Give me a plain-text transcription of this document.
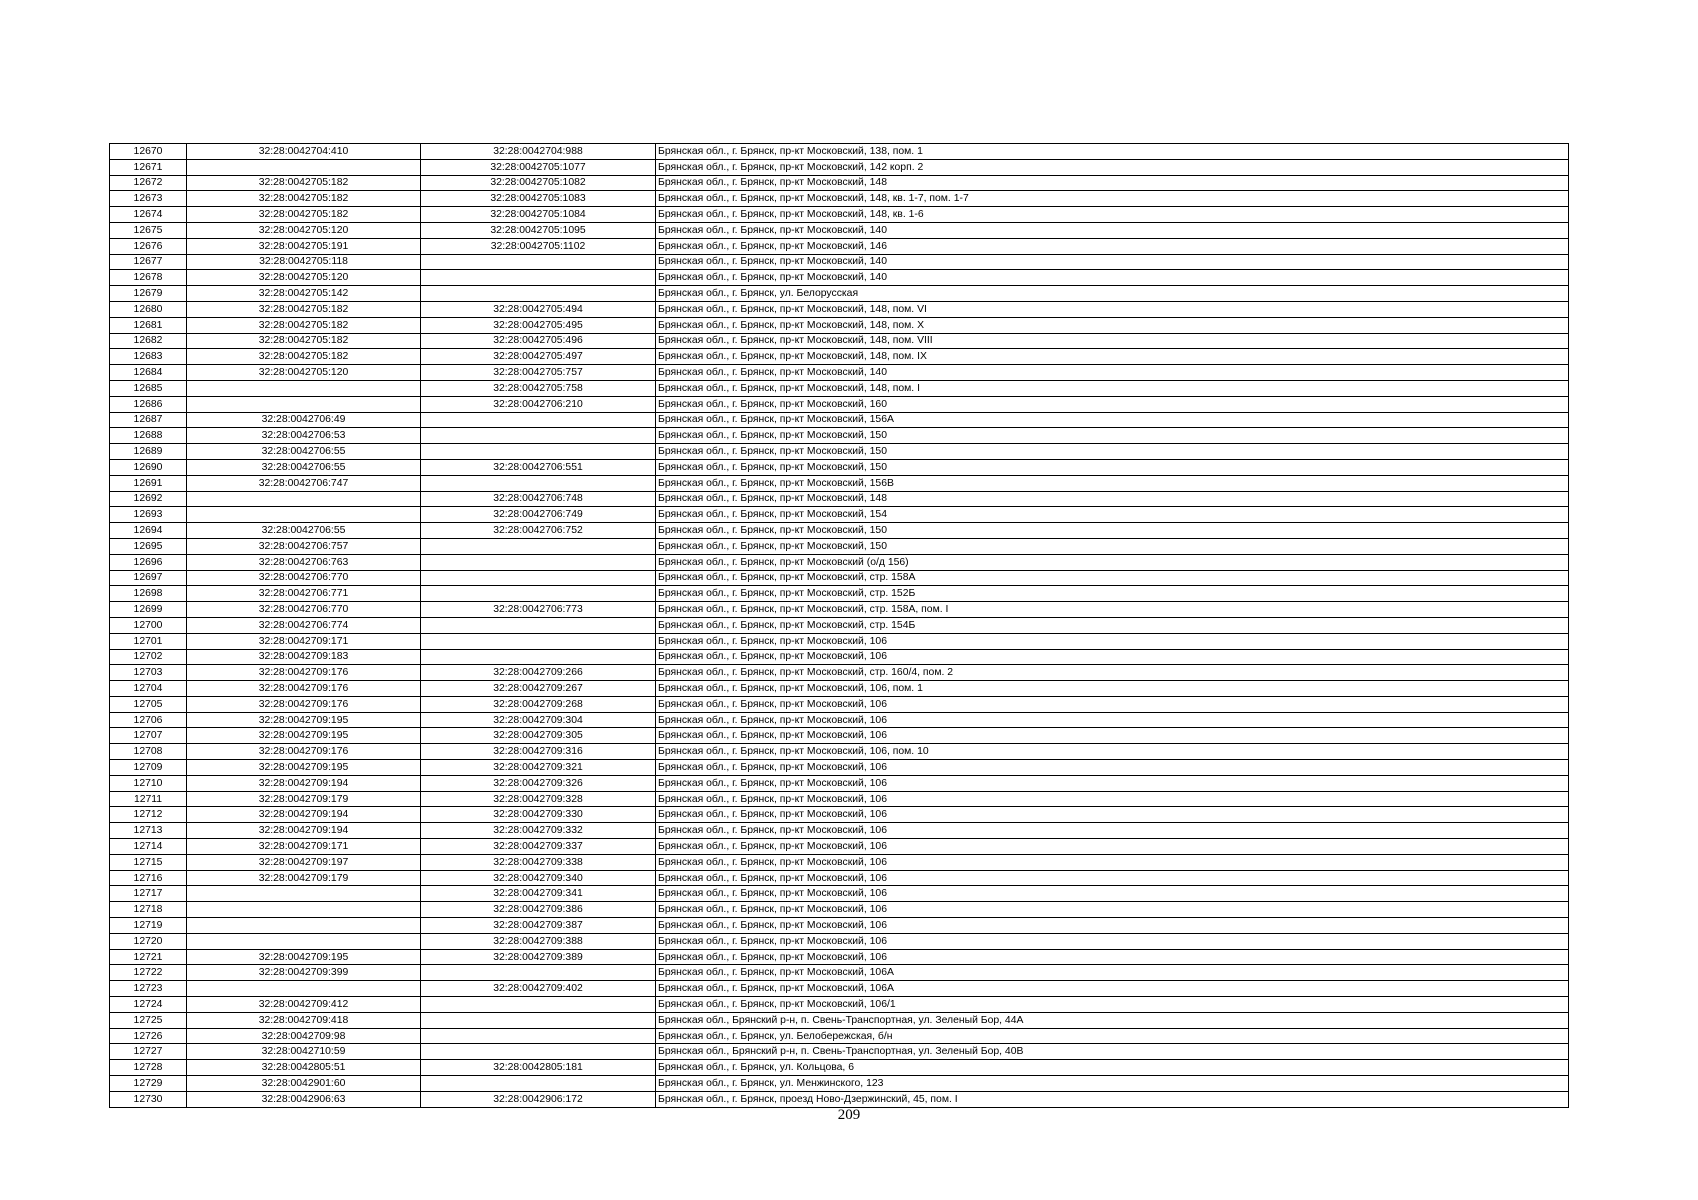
12670	32:28:0042704:410	32:28:0042704:988	Брянская обл., г. Брянск, пр-кт Московский, 138, пом. 1
12671		32:28:0042705:1077	Брянская обл., г. Брянск, пр-кт Московский, 142 корп. 2
12672	32:28:0042705:182	32:28:0042705:1082	Брянская обл., г. Брянск, пр-кт Московский, 148
12673	32:28:0042705:182	32:28:0042705:1083	Брянская обл., г. Брянск, пр-кт Московский, 148, кв. 1-7, пом. 1-7
12674	32:28:0042705:182	32:28:0042705:1084	Брянская обл., г. Брянск, пр-кт Московский, 148, кв. 1-6
12675	32:28:0042705:120	32:28:0042705:1095	Брянская обл., г. Брянск, пр-кт Московский, 140
12676	32:28:0042705:191	32:28:0042705:1102	Брянская обл., г. Брянск, пр-кт Московский, 146
12677	32:28:0042705:118		Брянская обл., г. Брянск, пр-кт Московский, 140
12678	32:28:0042705:120		Брянская обл., г. Брянск, пр-кт Московский, 140
12679	32:28:0042705:142		Брянская обл., г. Брянск, ул. Белорусская
12680	32:28:0042705:182	32:28:0042705:494	Брянская обл., г. Брянск, пр-кт Московский, 148, пом. VI
12681	32:28:0042705:182	32:28:0042705:495	Брянская обл., г. Брянск, пр-кт Московский, 148, пом. X
12682	32:28:0042705:182	32:28:0042705:496	Брянская обл., г. Брянск, пр-кт Московский, 148, пом. VIII
12683	32:28:0042705:182	32:28:0042705:497	Брянская обл., г. Брянск, пр-кт Московский, 148, пом. IX
12684	32:28:0042705:120	32:28:0042705:757	Брянская обл., г. Брянск, пр-кт Московский, 140
12685		32:28:0042705:758	Брянская обл., г. Брянск, пр-кт Московский, 148, пом. I
12686		32:28:0042706:210	Брянская обл., г. Брянск, пр-кт Московский, 160
12687	32:28:0042706:49		Брянская обл., г. Брянск, пр-кт Московский, 156А
12688	32:28:0042706:53		Брянская обл., г. Брянск, пр-кт Московский, 150
12689	32:28:0042706:55		Брянская обл., г. Брянск, пр-кт Московский, 150
12690	32:28:0042706:55	32:28:0042706:551	Брянская обл., г. Брянск, пр-кт Московский, 150
12691	32:28:0042706:747		Брянская обл., г. Брянск, пр-кт Московский, 156В
12692		32:28:0042706:748	Брянская обл., г. Брянск, пр-кт Московский, 148
12693		32:28:0042706:749	Брянская обл., г. Брянск, пр-кт Московский, 154
12694	32:28:0042706:55	32:28:0042706:752	Брянская обл., г. Брянск, пр-кт Московский, 150
12695	32:28:0042706:757		Брянская обл., г. Брянск, пр-кт Московский, 150
12696	32:28:0042706:763		Брянская обл., г. Брянск, пр-кт Московский (о/д 156)
12697	32:28:0042706:770		Брянская обл., г. Брянск, пр-кт Московский, стр. 158А
12698	32:28:0042706:771		Брянская обл., г. Брянск, пр-кт Московский, стр. 152Б
12699	32:28:0042706:770	32:28:0042706:773	Брянская обл., г. Брянск, пр-кт Московский, стр. 158А, пом. I
12700	32:28:0042706:774		Брянская обл., г. Брянск, пр-кт Московский, стр. 154Б
12701	32:28:0042709:171		Брянская обл., г. Брянск, пр-кт Московский, 106
12702	32:28:0042709:183		Брянская обл., г. Брянск, пр-кт Московский, 106
12703	32:28:0042709:176	32:28:0042709:266	Брянская обл., г. Брянск, пр-кт Московский, стр. 160/4, пом. 2
12704	32:28:0042709:176	32:28:0042709:267	Брянская обл., г. Брянск, пр-кт Московский, 106, пом. 1
12705	32:28:0042709:176	32:28:0042709:268	Брянская обл., г. Брянск, пр-кт Московский, 106
12706	32:28:0042709:195	32:28:0042709:304	Брянская обл., г. Брянск, пр-кт Московский, 106
12707	32:28:0042709:195	32:28:0042709:305	Брянская обл., г. Брянск, пр-кт Московский, 106
12708	32:28:0042709:176	32:28:0042709:316	Брянская обл., г. Брянск, пр-кт Московский, 106, пом. 10
12709	32:28:0042709:195	32:28:0042709:321	Брянская обл., г. Брянск, пр-кт Московский, 106
12710	32:28:0042709:194	32:28:0042709:326	Брянская обл., г. Брянск, пр-кт Московский, 106
12711	32:28:0042709:179	32:28:0042709:328	Брянская обл., г. Брянск, пр-кт Московский, 106
12712	32:28:0042709:194	32:28:0042709:330	Брянская обл., г. Брянск, пр-кт Московский, 106
12713	32:28:0042709:194	32:28:0042709:332	Брянская обл., г. Брянск, пр-кт Московский, 106
12714	32:28:0042709:171	32:28:0042709:337	Брянская обл., г. Брянск, пр-кт Московский, 106
12715	32:28:0042709:197	32:28:0042709:338	Брянская обл., г. Брянск, пр-кт Московский, 106
12716	32:28:0042709:179	32:28:0042709:340	Брянская обл., г. Брянск, пр-кт Московский, 106
12717		32:28:0042709:341	Брянская обл., г. Брянск, пр-кт Московский, 106
12718		32:28:0042709:386	Брянская обл., г. Брянск, пр-кт Московский, 106
12719		32:28:0042709:387	Брянская обл., г. Брянск, пр-кт Московский, 106
12720		32:28:0042709:388	Брянская обл., г. Брянск, пр-кт Московский, 106
12721	32:28:0042709:195	32:28:0042709:389	Брянская обл., г. Брянск, пр-кт Московский, 106
12722	32:28:0042709:399		Брянская обл., г. Брянск, пр-кт Московский, 106А
12723		32:28:0042709:402	Брянская обл., г. Брянск, пр-кт Московский, 106А
12724	32:28:0042709:412		Брянская обл., г. Брянск, пр-кт Московский, 106/1
12725	32:28:0042709:418		Брянская обл., Брянский р-н, п. Свень-Транспортная, ул. Зеленый Бор, 44А
12726	32:28:0042709:98		Брянская обл., г. Брянск, ул. Белобережская, б/н
12727	32:28:0042710:59		Брянская обл., Брянский р-н, п. Свень-Транспортная, ул. Зеленый Бор, 40В
12728	32:28:0042805:51	32:28:0042805:181	Брянская обл., г. Брянск, ул. Кольцова, 6
12729	32:28:0042901:60		Брянская обл., г. Брянск, ул. Менжинского, 123
12730	32:28:0042906:63	32:28:0042906:172	Брянская обл., г. Брянск, проезд Ново-Дзержинский, 45, пом. I
209
